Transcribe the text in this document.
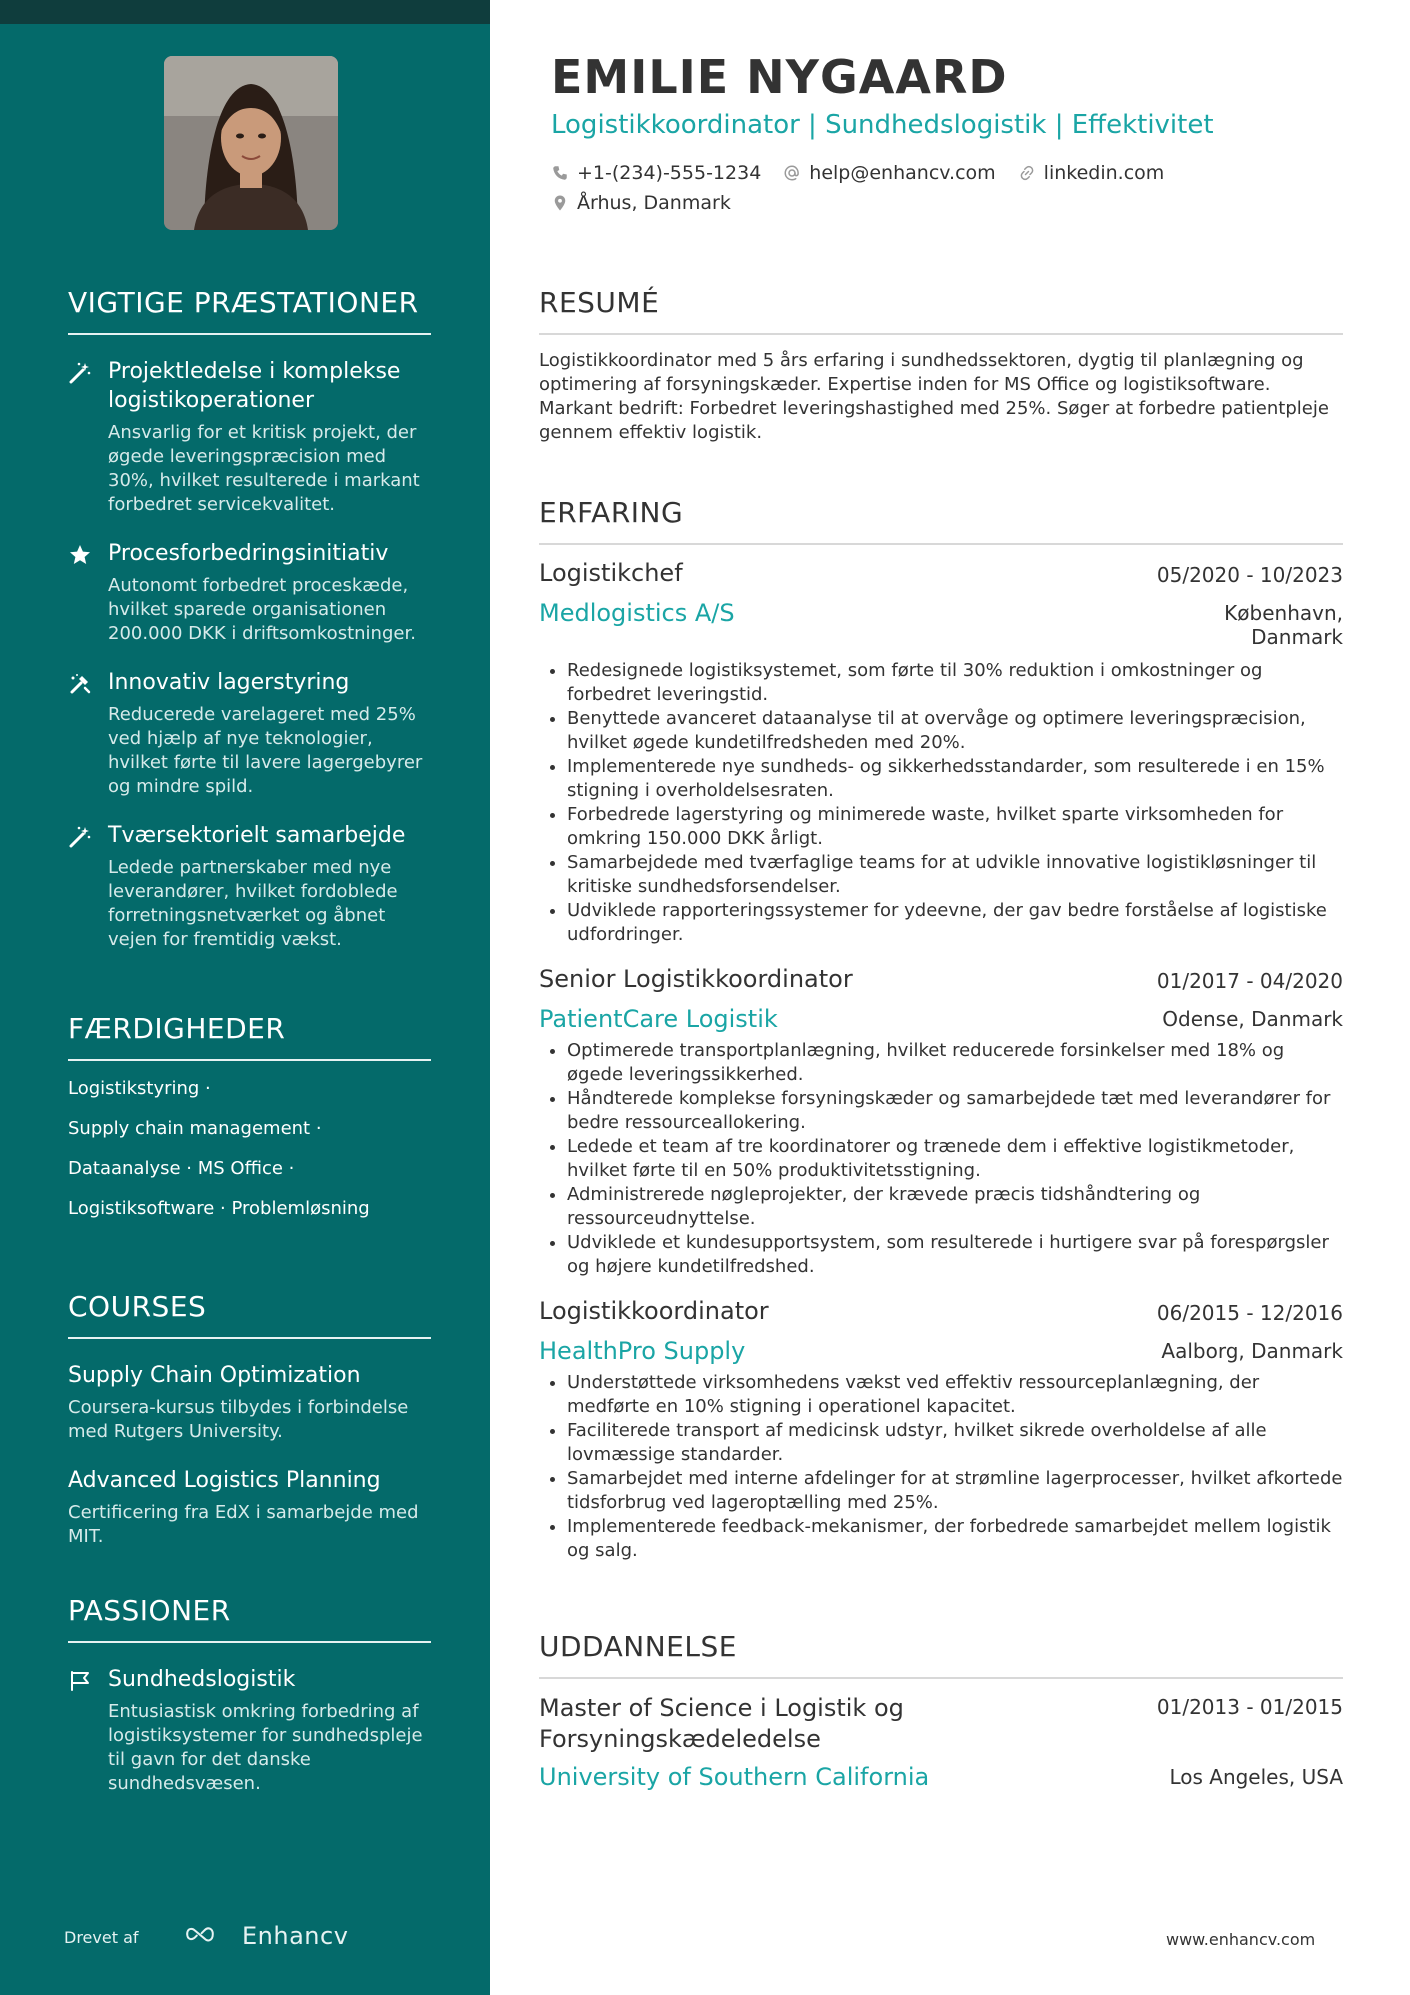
VIGTIGE PRÆSTATIONER
Projektledelse i komplekse logistikoperationer

Ansvarlig for et kritisk projekt, der øgede leveringspræcision med 30%, hvilket resulterede i markant forbedret servicekvalitet.

Procesforbedringsinitiativ

Autonomt forbedret proceskæde, hvilket sparede organisationen 200.000 DKK i driftsomkostninger.

Innovativ lagerstyring

Reducerede varelageret med 25% ved hjælp af nye teknologier, hvilket førte til lavere lagergebyrer og mindre spild.

Tværsektorielt samarbejde

Ledede partnerskaber med nye leverandører, hvilket fordoblede forretningsnetværket og åbnet vejen for fremtidig vækst.

FÆRDIGHEDER
Logistikstyring ·
Supply chain management ·
Dataanalyse · MS Office ·
Logistiksoftware · Problemløsning
COURSES
Supply Chain Optimization

Coursera-kursus tilbydes i forbindelse med Rutgers University.

Advanced Logistics Planning

Certificering fra EdX i samarbejde med MIT.

PASSIONER
Sundhedslogistik

Entusiastisk omkring forbedring af logistiksystemer for sundhedspleje til gavn for det danske sundhedsvæsen.

Drevet af	Enhancv
EMILIE NYGAARD
Logistikkoordinator | Sundhedslogistik | Effektivitet
+1-(234)-555-1234	help@enhancv.com	linkedin.com
Århus, Danmark
RESUMÉ
Logistikkoordinator med 5 års erfaring i sundhedssektoren, dygtig til planlægning og optimering af forsyningskæder. Expertise inden for MS Office og logistiksoftware. Markant bedrift: Forbedret leveringshastighed med 25%. Søger at forbedre patientpleje gennem effektiv logistik.
ERFARING
Logistikchef	05/2020 - 10/2023
Medlogistics A/S	København,
Danmark
• Redesignede logistiksystemet, som førte til 30% reduktion i omkostninger og forbedret leveringstid.
• Benyttede avanceret dataanalyse til at overvåge og optimere leveringspræcision, hvilket øgede kundetilfredsheden med 20%.
• Implementerede nye sundheds- og sikkerhedsstandarder, som resulterede i en 15% stigning i overholdelsesraten.
• Forbedrede lagerstyring og minimerede waste, hvilket sparte virksomheden for omkring 150.000 DKK årligt.
• Samarbejdede med tværfaglige teams for at udvikle innovative logistikløsninger til kritiske sundhedsforsendelser.
• Udviklede rapporteringssystemer for ydeevne, der gav bedre forståelse af logistiske udfordringer.
Senior Logistikkoordinator	01/2017 - 04/2020
PatientCare Logistik	Odense, Danmark
• Optimerede transportplanlægning, hvilket reducerede forsinkelser med 18% og øgede leveringssikkerhed.
• Håndterede komplekse forsyningskæder og samarbejdede tæt med leverandører for bedre ressourceallokering.
• Ledede et team af tre koordinatorer og trænede dem i effektive logistikmetoder, hvilket førte til en 50% produktivitetsstigning.
• Administrerede nøgleprojekter, der krævede præcis tidshåndtering og ressourceudnyttelse.
• Udviklede et kundesupportsystem, som resulterede i hurtigere svar på forespørgsler og højere kundetilfredshed.
Logistikkoordinator	06/2015 - 12/2016
HealthPro Supply	Aalborg, Danmark
• Understøttede virksomhedens vækst ved effektiv ressourceplanlægning, der medførte en 10% stigning i operationel kapacitet.
• Faciliterede transport af medicinsk udstyr, hvilket sikrede overholdelse af alle lovmæssige standarder.
• Samarbejdet med interne afdelinger for at strømline lagerprocesser, hvilket afkortede tidsforbrug ved lageroptælling med 25%.
• Implementerede feedback-mekanismer, der forbedrede samarbejdet mellem logistik og salg.
UDDANNELSE
Master of Science i Logistik og Forsyningskædeledelse
01/2013 - 01/2015
University of Southern California	Los Angeles, USA
www.enhancv.com
